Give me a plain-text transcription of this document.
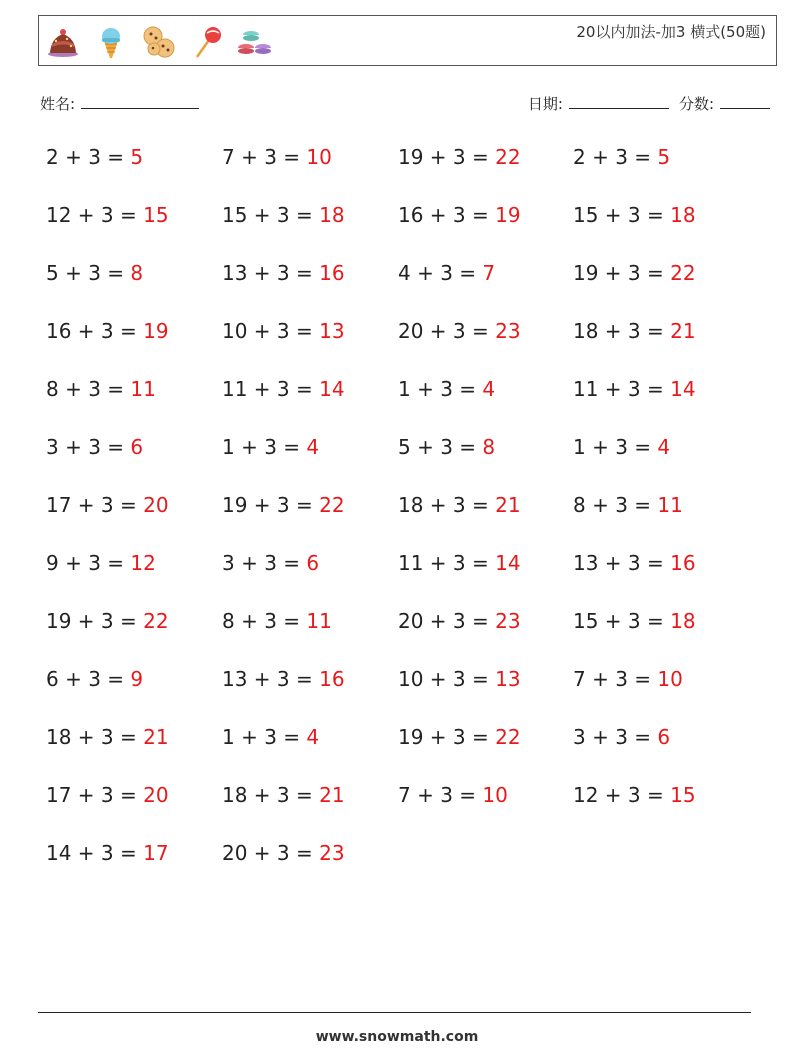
20以内加法-加3 横式(50题)
姓名:	日期:	分数:
2 + 3 = 5	7 + 3 = 10	19 + 3 = 22	2 + 3 = 5
12 + 3 = 15	15 + 3 = 18	16 + 3 = 19	15 + 3 = 18
5 + 3 = 8	13 + 3 = 16	4 + 3 = 7	19 + 3 = 22
16 + 3 = 19	10 + 3 = 13	20 + 3 = 23	18 + 3 = 21
8 + 3 = 11	11 + 3 = 14	1 + 3 = 4	11 + 3 = 14
3 + 3 = 6	1 + 3 = 4	5 + 3 = 8	1 + 3 = 4
17 + 3 = 20	19 + 3 = 22	18 + 3 = 21	8 + 3 = 11
9 + 3 = 12	3 + 3 = 6	11 + 3 = 14	13 + 3 = 16
19 + 3 = 22	8 + 3 = 11	20 + 3 = 23	15 + 3 = 18
6 + 3 = 9	13 + 3 = 16	10 + 3 = 13	7 + 3 = 10
18 + 3 = 21	1 + 3 = 4	19 + 3 = 22	3 + 3 = 6
17 + 3 = 20	18 + 3 = 21	7 + 3 = 10	12 + 3 = 15
14 + 3 = 17	20 + 3 = 23
www.snowmath.com
